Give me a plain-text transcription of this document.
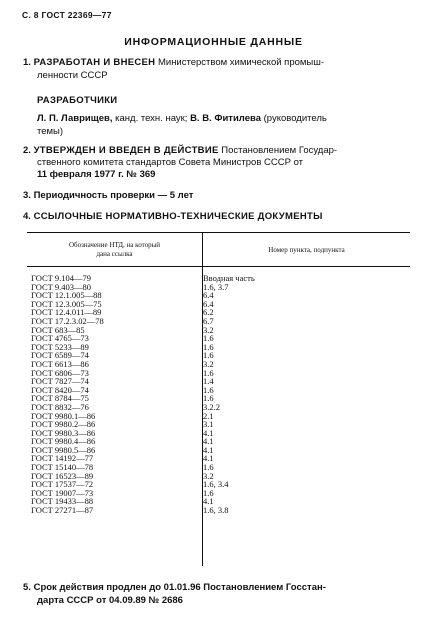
С. 8 ГОСТ 22369—77
ИНФОРМАЦИОННЫЕ ДАННЫЕ
1. РАЗРАБОТАН И ВНЕСЕН Министерством химической промыш-
ленности СССР
РАЗРАБОТЧИКИ
Л. П. Лаврищев, канд. техн. наук; В. В. Фитилева (руководитель
темы)
2. УТВЕРЖДЕН И ВВЕДЕН В ДЕЙСТВИЕ Постановлением Государ-
ственного комитета стандартов Совета Министров СССР от
11 февраля 1977 г. № 369
3. Периодичность проверки — 5 лет
4. ССЫЛОЧНЫЕ НОРМАТИВНО-ТЕХНИЧЕСКИЕ ДОКУМЕНТЫ
Обозначение НТД, на который
дана ссылка	Номер пункта, подпункта
ГОСТ 9.104—79	Вводная часть
ГОСТ 9.403—80	1.6, 3.7
ГОСТ 12.1.005—88	6.4
ГОСТ 12.3.005—75	6.4
ГОСТ 12.4.011—89	6.2
ГОСТ 17.2.3.02—78	6.7
ГОСТ 683—85	3.2
ГОСТ 4765—73	1.6
ГОСТ 5233—89	1.6
ГОСТ 6589—74	1.6
ГОСТ 6613—86	3.2
ГОСТ 6806—73	1.6
ГОСТ 7827—74	1.4
ГОСТ 8420—74	1.6
ГОСТ 8784—75	1.6
ГОСТ 8832—76	3.2.2
ГОСТ 9980.1—86	2.1
ГОСТ 9980.2—86	3.1
ГОСТ 9980.3—86	4.1
ГОСТ 9980.4—86	4.1
ГОСТ 9980.5—86	4.1
ГОСТ 14192—77	4.1
ГОСТ 15140—78	1.6
ГОСТ 16523—89	3.2
ГОСТ 17537—72	1.6, 3.4
ГОСТ 19007—73	1.6
ГОСТ 19433—88	4.1
ГОСТ 27271—87	1.6, 3.8
5. Срок действия продлен до 01.01.96 Постановлением Госстан-
дарта СССР от 04.09.89 № 2686
